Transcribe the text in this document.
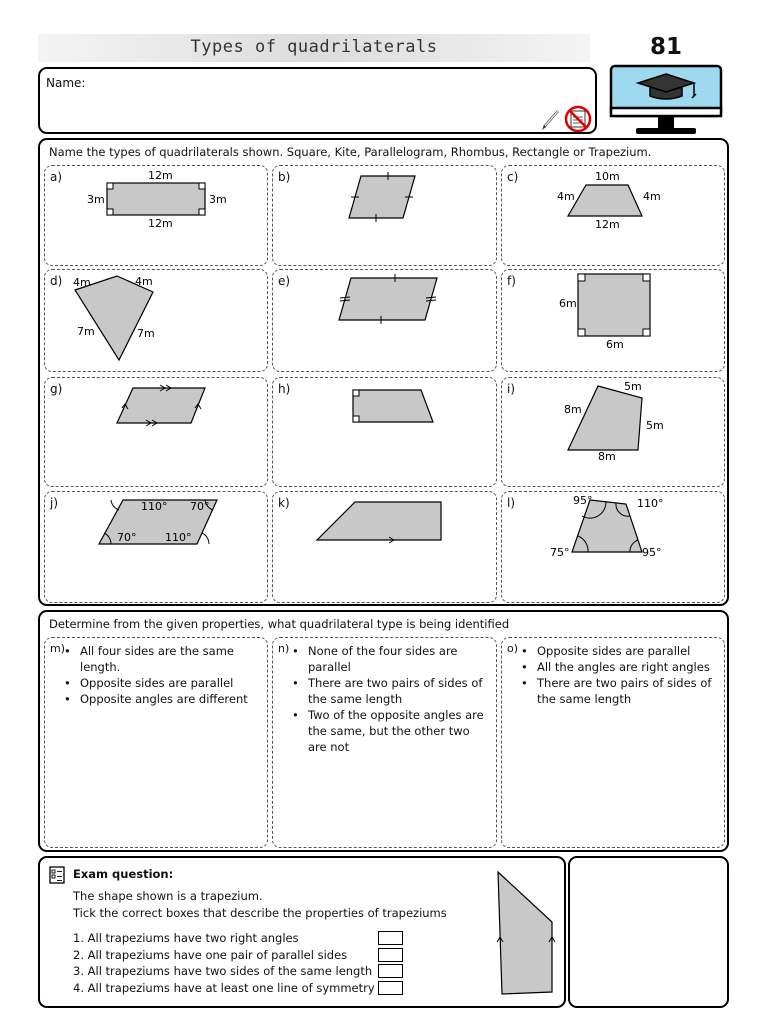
Types of quadrilaterals	81
Name:
Name the types of quadrilaterals shown. Square, Kite, Parallelogram, Rhombus, Rectangle or Trapezium.
a)	12m
12m
3m	3m
b)	c)	10m
4m	4m
12m
d) 4m	4m
7m	7m
e)	f)
6m
6m
g)	h)	i)	5m
8m
5m
8m
j)	110° 70°
70°	110°
k)	l)	95°	110°
75°	95°
Determine from the given properties, what quadrilateral type is being identified
m) • All four sides are the same length.
• Opposite sides are parallel
• Opposite angles are different
n) • None of the four sides are parallel
• There are two pairs of sides of the same length
• Two of the opposite angles are the same, but the other two are not
o) • Opposite sides are parallel
• All the angles are right angles
• There are two pairs of sides of the same length
Exam question:
The shape shown is a trapezium.
Tick the correct boxes that describe the properties of trapeziums
1. All trapeziums have two right angles
2. All trapeziums have one pair of parallel sides
3. All trapeziums have two sides of the same length
4. All trapeziums have at least one line of symmetry
